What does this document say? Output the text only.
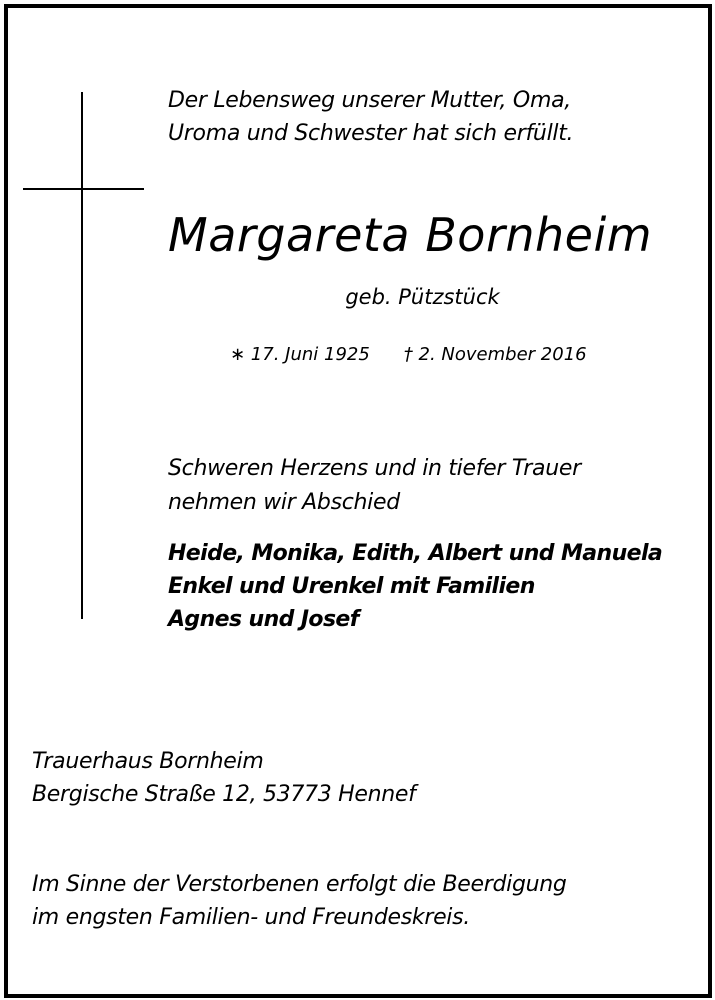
Der Lebensweg unserer Mutter, Oma,
Uroma und Schwester hat sich erfüllt.
Margareta Bornheim
geb. Pützstück
∗ 17. Juni 1925 † 2. November 2016
Schweren Herzens und in tiefer Trauer
nehmen wir Abschied
Heide, Monika, Edith, Albert und Manuela
Enkel und Urenkel mit Familien
Agnes und Josef
Trauerhaus Bornheim
Bergische Straße 12, 53773 Hennef
Im Sinne der Verstorbenen erfolgt die Beerdigung
im engsten Familien- und Freundeskreis.
